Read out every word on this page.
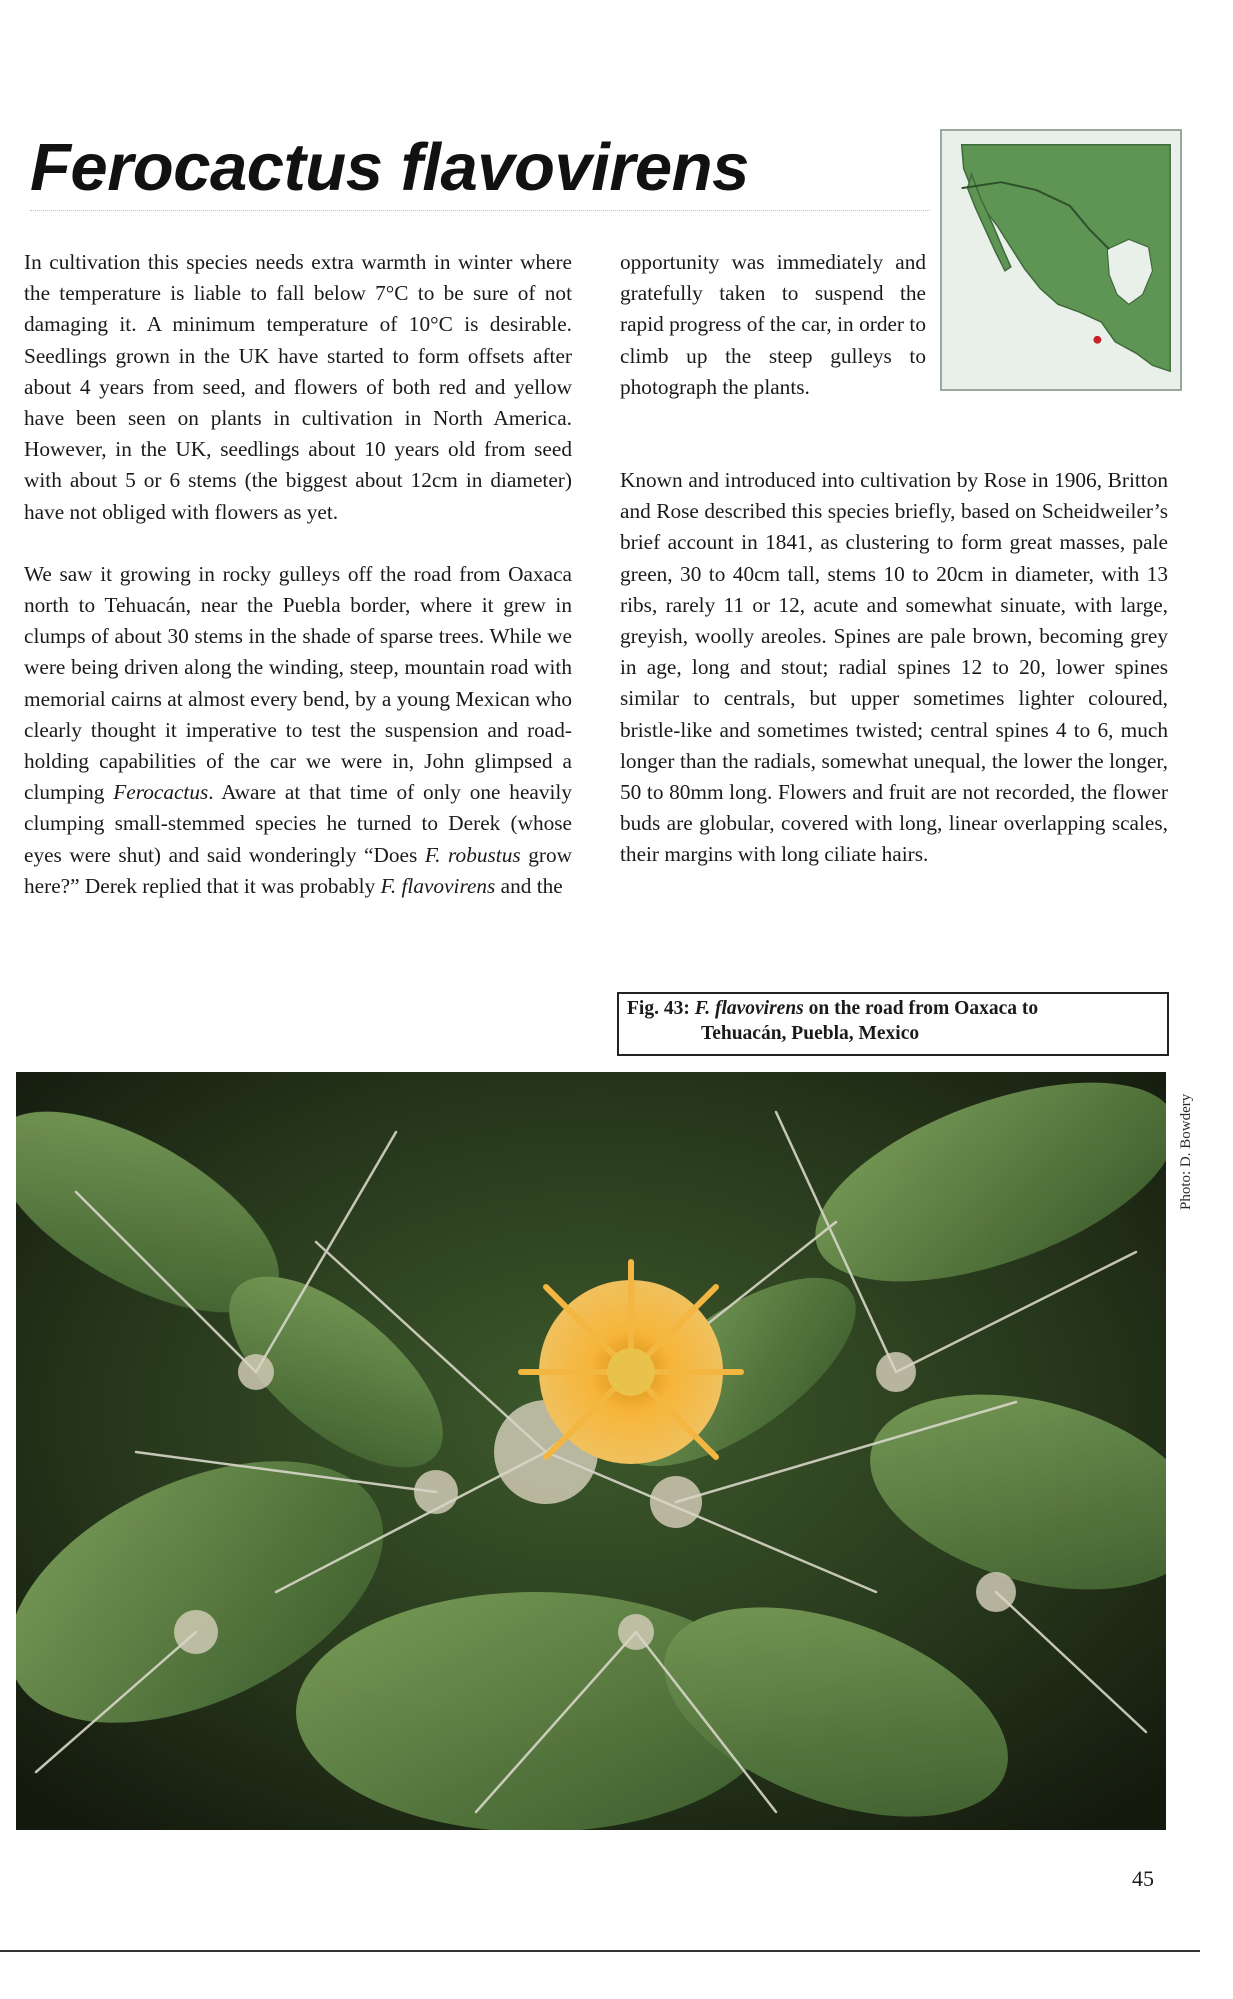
Ferocactus flavovirens

In cultivation this species needs extra warmth in winter where the temperature is liable to fall below 7°C to be sure of not damaging it. A minimum temperature of 10°C is desirable. Seedlings grown in the UK have started to form offsets after about 4 years from seed, and flowers of both red and yellow have been seen on plants in cultivation in North America. However, in the UK, seedlings about 10 years old from seed with about 5 or 6 stems (the biggest about 12cm in diameter) have not obliged with flowers as yet.

We saw it growing in rocky gulleys off the road from Oaxaca north to Tehuacán, near the Puebla border, where it grew in clumps of about 30 stems in the shade of sparse trees. While we were being driven along the winding, steep, mountain road with memorial cairns at almost every bend, by a young Mexican who clearly thought it imperative to test the suspension and road-holding capabilities of the car we were in, John glimpsed a clumping Ferocactus. Aware at that time of only one heavily clumping small-stemmed species he turned to Derek (whose eyes were shut) and said wonderingly “Does F. robustus grow here?” Derek replied that it was probably F. flavovirens and the

opportunity was immediately and gratefully taken to suspend the rapid progress of the car, in order to climb up the steep gulleys to photograph the plants.

Known and introduced into cultivation by Rose in 1906, Britton and Rose described this species briefly, based on Scheidweiler’s brief account in 1841, as clustering to form great masses, pale green, 30 to 40cm tall, stems 10 to 20cm in diameter, with 13 ribs, rarely 11 or 12, acute and somewhat sinuate, with large, greyish, woolly areoles. Spines are pale brown, becoming grey in age, long and stout; radial spines 12 to 20, lower spines similar to centrals, but upper sometimes lighter coloured, bristle-like and sometimes twisted; central spines 4 to 6, much longer than the radials, somewhat unequal, the lower the longer, 50 to 80mm long. Flowers and fruit are not recorded, the flower buds are globular, covered with long, linear overlapping scales, their margins with long ciliate hairs.

Fig. 43: F. flavovirens on the road from Oaxaca to
Tehuacán, Puebla, Mexico
Photo: D. Bowdery
45
